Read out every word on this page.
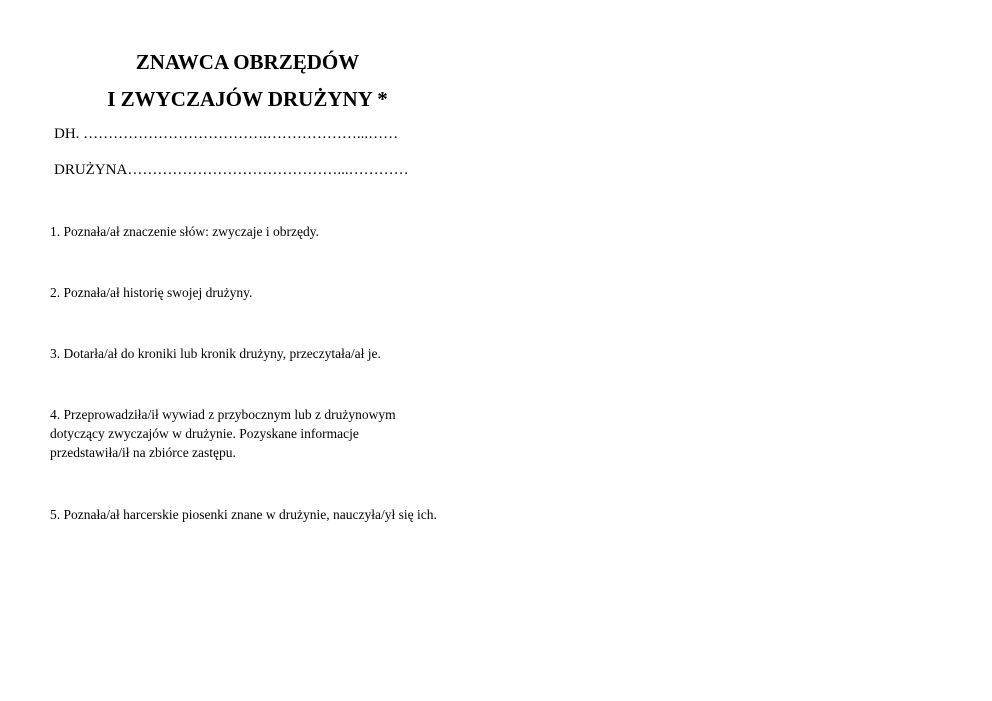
ZNAWCA OBRZĘDÓW
I ZWYCZAJÓW DRUŻYNY *
DH. ……………………………….………………...……
DRUŻYNA……………………………………...…………
1. Poznała/ał znaczenie słów: zwyczaje i obrzędy.
2. Poznała/ał historię swojej drużyny.
3. Dotarła/ał do kroniki lub kronik drużyny, przeczytała/ał je.
4. Przeprowadziła/ił wywiad z przybocznym lub z drużynowym dotyczący zwyczajów w drużynie. Pozyskane informacje przedstawiła/ił na zbiórce zastępu.
5. Poznała/ał harcerskie piosenki znane w drużynie, nauczyła/ył się ich.
